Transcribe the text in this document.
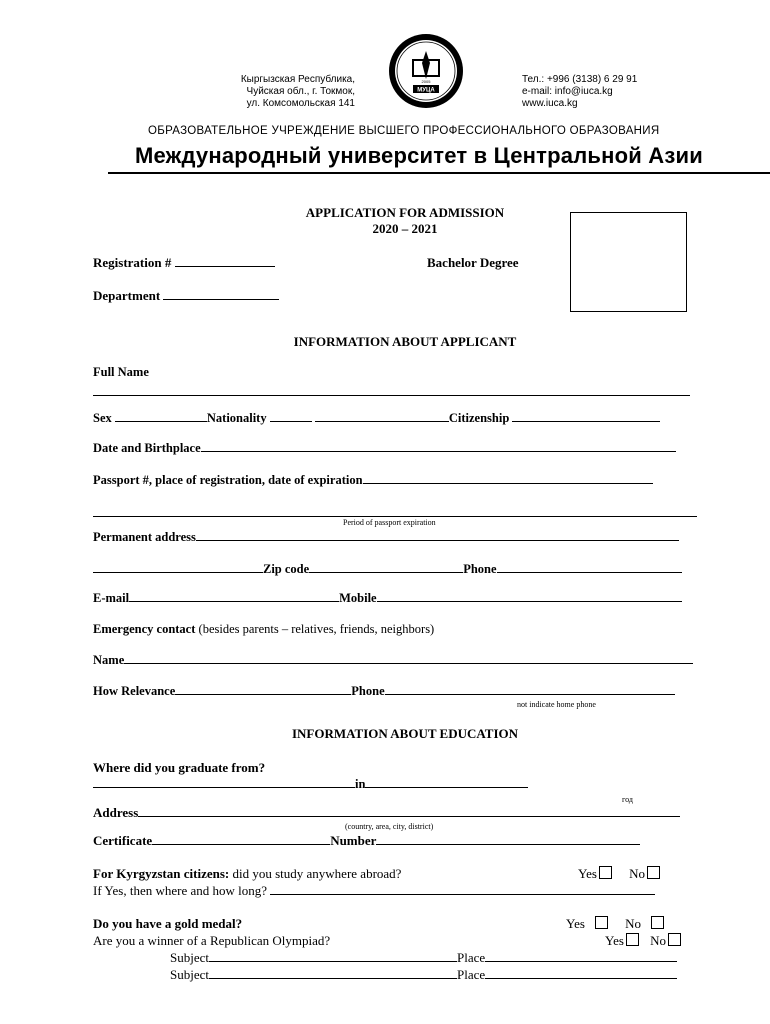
Кыргызская Республика,
Чуйская обл., г. Токмок,
ул. Комсомольская 141
МУЦА
2005	Тел.: +996 (3138) 6 29 91
e-mail: info@iuca.kg
www.iuca.kg
ОБРАЗОВАТЕЛЬНОЕ УЧРЕЖДЕНИЕ ВЫСШЕГО ПРОФЕССИОНАЛЬНОГО ОБРАЗОВАНИЯ
Международный университет в Центральной Азии
APPLICATION FOR ADMISSION
2020 – 2021
Registration #	Bachelor Degree
Department
INFORMATION ABOUT APPLICANT
Full Name
Sex	Nationality	Citizenship
Date and Birthplace
Passport #, place of registration, date of expiration
Period of passport expiration
Permanent address
Zip code	Phone
E-mail	Mobile
Emergency contact (besides parents – relatives, friends, neighbors)
Name
How Relevance	Phone
not indicate home phone
INFORMATION ABOUT EDUCATION
Where did you graduate from?
in
год
Address
(country, area, city, district)
Certificate	Number
For Kyrgyzstan citizens: did you study anywhere abroad?	Yes No
If Yes, then where and how long?
Do you have a gold medal?	Yes	No
Are you a winner of a Republican Olympiad?	Yes No
Subject	Place
Subject	Place
